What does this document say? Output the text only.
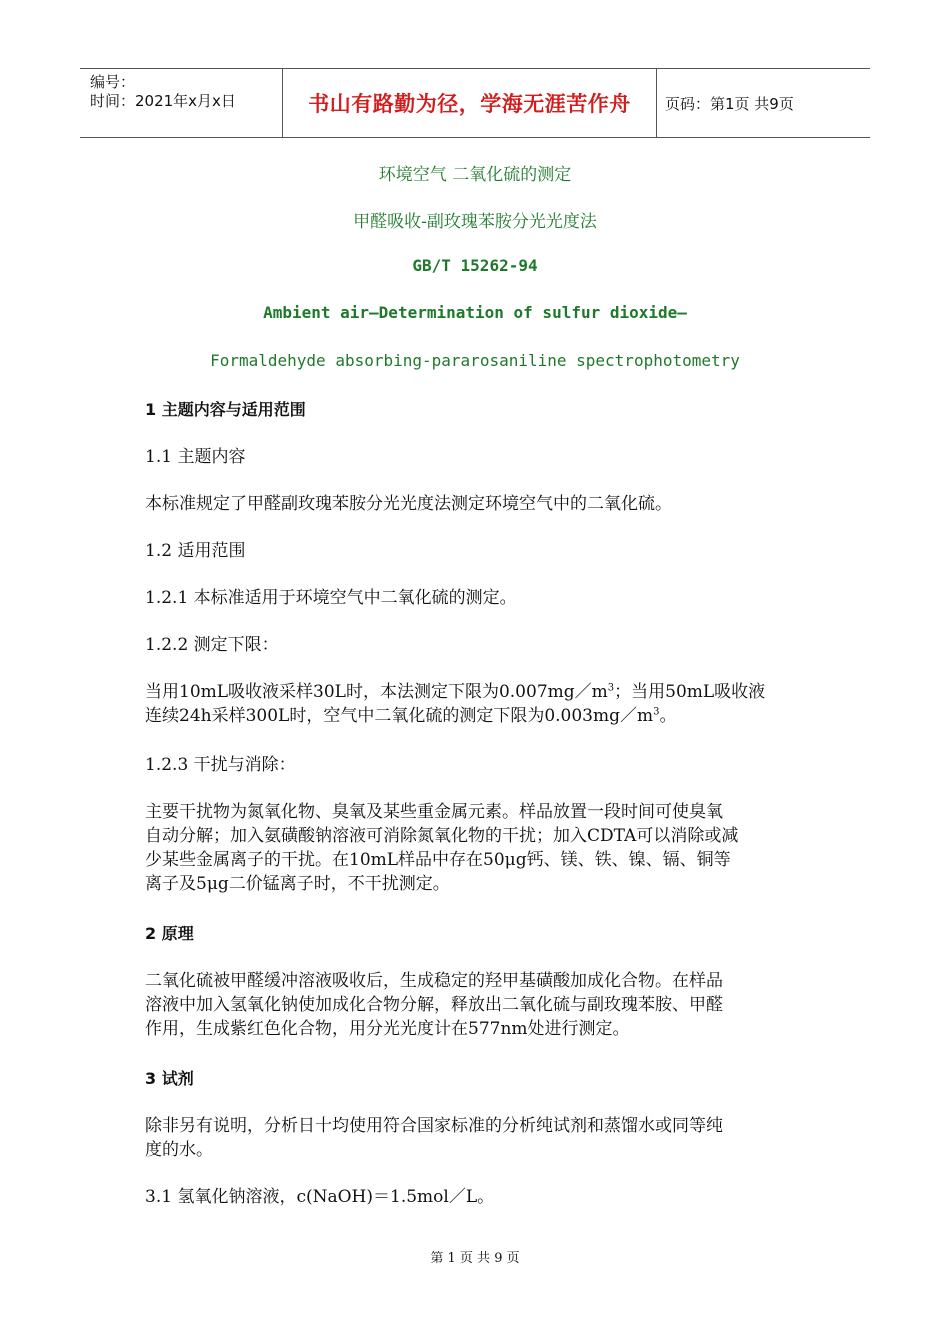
编号：
时间：2021年x月x日	书山有路勤为径，学海无涯苦作舟	页码：第1页 共9页
环境空气 二氧化硫的测定
甲醛吸收-副玫瑰苯胺分光光度法
GB/T 15262-94
Ambient air—Determination of sulfur dioxide—
Formaldehyde absorbing-pararosaniline spectrophotometry
1 主题内容与适用范围
1.1 主题内容
本标准规定了甲醛副玫瑰苯胺分光光度法测定环境空气中的二氧化硫。
1.2 适用范围
1.2.1 本标准适用于环境空气中二氧化硫的测定。
1.2.2 测定下限：
当用10mL吸收液采样30L时，本法测定下限为$0.007mg/m^3$；当用50mL吸收液
连续24h采样300L时，空气中二氧化硫的测定下限为$0.003mg/m^3$。
1.2.3 干扰与消除：
主要干扰物为氮氧化物、臭氧及某些重金属元素。样品放置一段时间可使臭氧
自动分解；加入氨磺酸钠溶液可消除氮氧化物的干扰；加入CDTA可以消除或减
少某些金属离子的干扰。在10mL样品中存在50μg钙、镁、铁、镍、镉、铜等
离子及5μg二价锰离子时，不干扰测定。
2 原理
二氧化硫被甲醛缓冲溶液吸收后，生成稳定的羟甲基磺酸加成化合物。在样品
溶液中加入氢氧化钠使加成化合物分解，释放出二氧化硫与副玫瑰苯胺、甲醛
作用，生成紫红色化合物，用分光光度计在577nm处进行测定。
3 试剂
除非另有说明，分析日十均使用符合国家标准的分析纯试剂和蒸馏水或同等纯
度的水。
3.1 氢氧化钠溶液，c(NaOH)＝1.5mol／L。
第 1 页 共 9 页
